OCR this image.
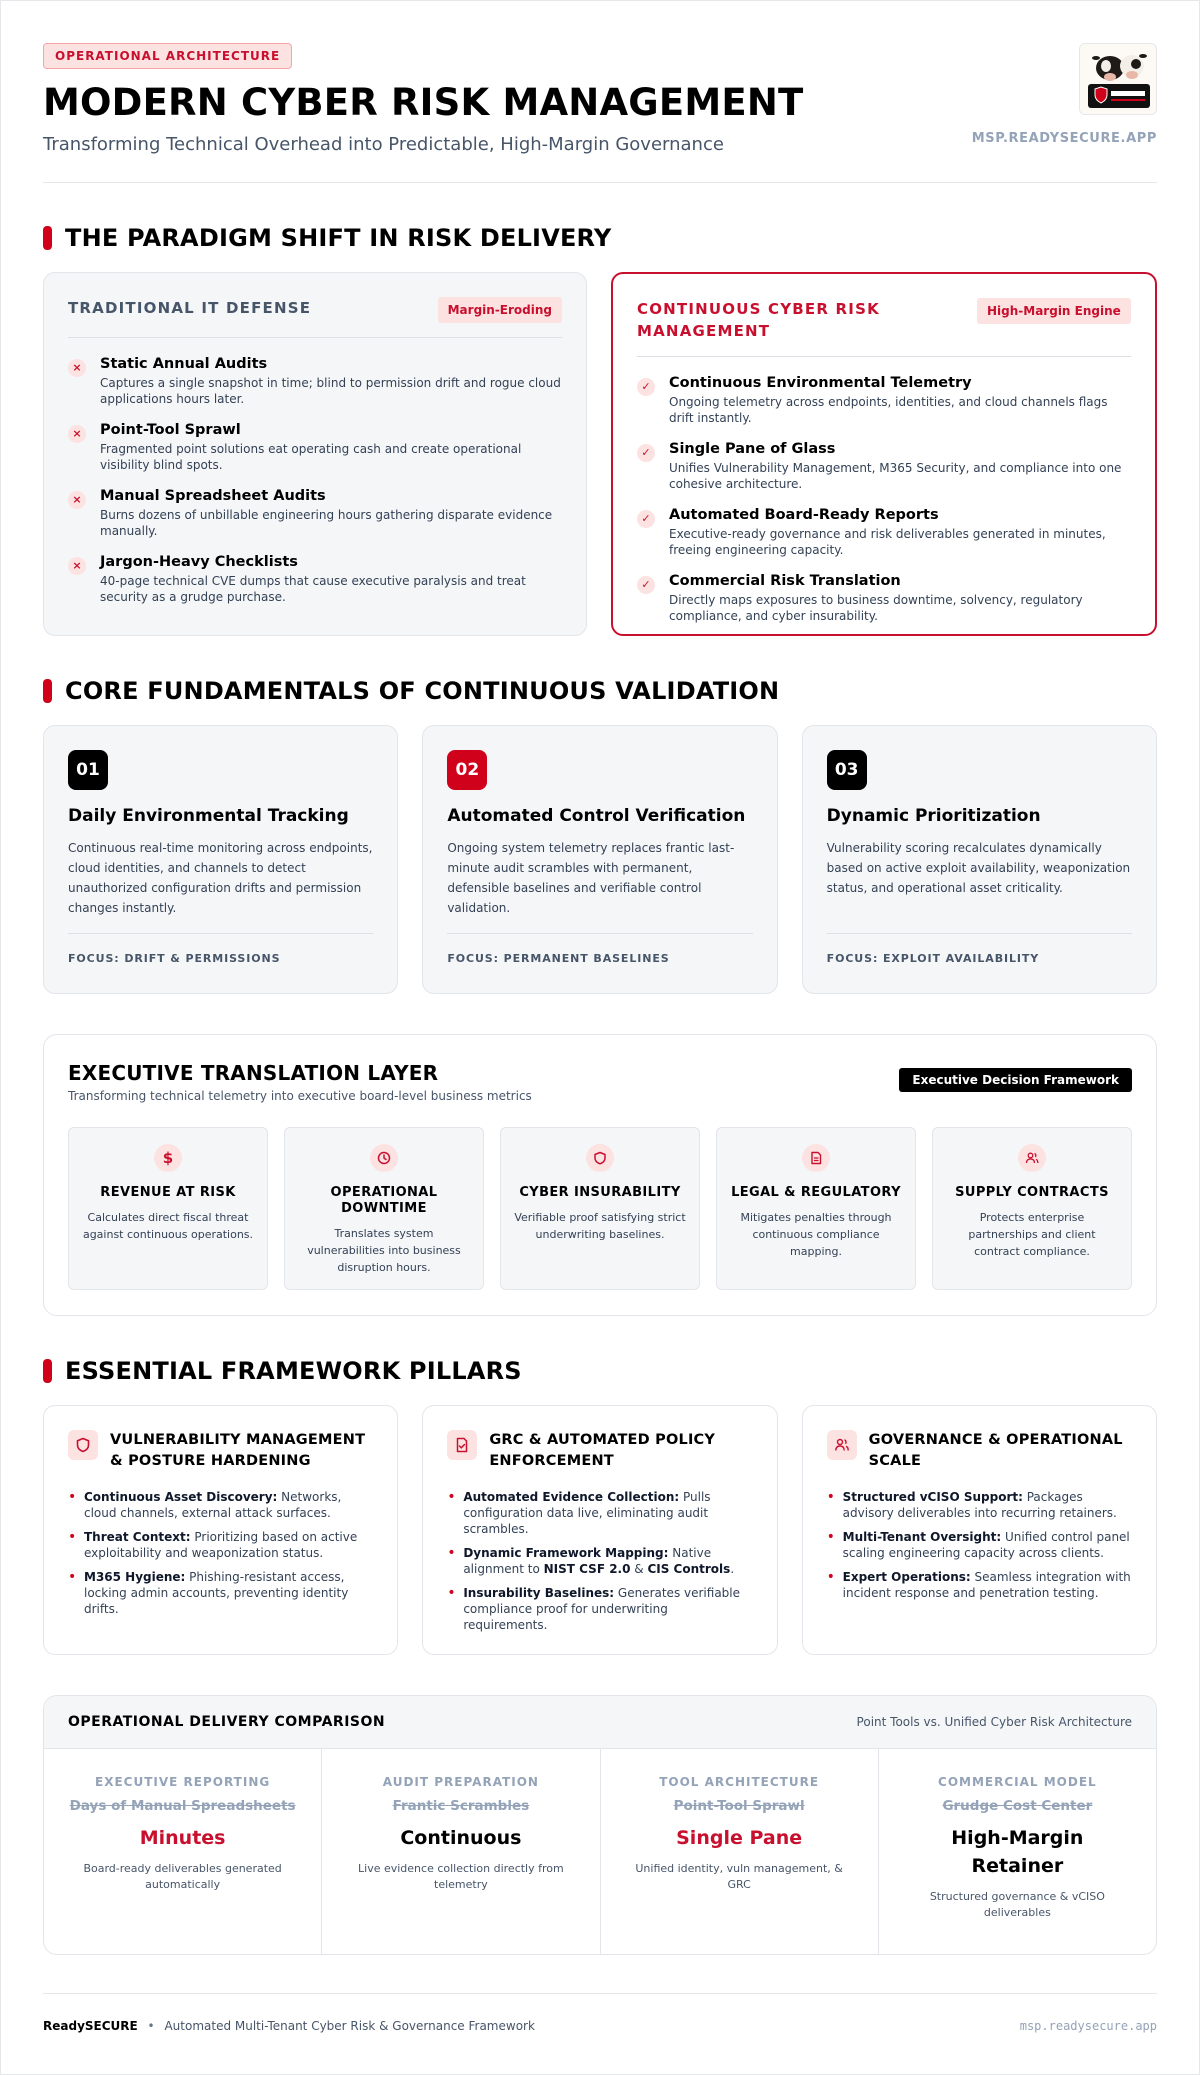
OPERATIONAL ARCHITECTURE
MODERN CYBER RISK MANAGEMENT
Transforming Technical Overhead into Predictable, High-Margin Governance	MSP.READYSECURE.APP
THE PARADIGM SHIFT IN RISK DELIVERY
TRADITIONAL IT DEFENSE	Margin-Eroding
×	Static Annual Audits
Captures a single snapshot in time; blind to permission drift and rogue cloud applications hours later.
×	Point-Tool Sprawl
Fragmented point solutions eat operating cash and create operational visibility blind spots.
×	Manual Spreadsheet Audits
Burns dozens of unbillable engineering hours gathering disparate evidence manually.
×	Jargon-Heavy Checklists
40-page technical CVE dumps that cause executive paralysis and treat security as a grudge purchase.
CONTINUOUS CYBER RISK MANAGEMENT
High-Margin Engine
✓	Continuous Environmental Telemetry
Ongoing telemetry across endpoints, identities, and cloud channels flags drift instantly.
✓	Single Pane of Glass
Unifies Vulnerability Management, M365 Security, and compliance into one cohesive architecture.
✓	Automated Board-Ready Reports
Executive-ready governance and risk deliverables generated in minutes, freeing engineering capacity.
✓	Commercial Risk Translation
Directly maps exposures to business downtime, solvency, regulatory compliance, and cyber insurability.
CORE FUNDAMENTALS OF CONTINUOUS VALIDATION
01
Daily Environmental Tracking
Continuous real-time monitoring across endpoints, cloud identities, and channels to detect unauthorized configuration drifts and permission changes instantly.
FOCUS: DRIFT & PERMISSIONS
02
Automated Control Verification
Ongoing system telemetry replaces frantic last-minute audit scrambles with permanent, defensible baselines and verifiable control validation.
FOCUS: PERMANENT BASELINES
03
Dynamic Prioritization
Vulnerability scoring recalculates dynamically based on active exploit availability, weaponization status, and operational asset criticality.
FOCUS: EXPLOIT AVAILABILITY
EXECUTIVE TRANSLATION LAYER
Transforming technical telemetry into executive board-level business metrics
Executive Decision Framework
$
REVENUE AT RISK
Calculates direct fiscal threat against continuous operations.
OPERATIONAL DOWNTIME
Translates system vulnerabilities into business disruption hours.
CYBER INSURABILITY
Verifiable proof satisfying strict underwriting baselines.
LEGAL & REGULATORY
Mitigates penalties through continuous compliance mapping.
SUPPLY CONTRACTS
Protects enterprise partnerships and client contract compliance.
ESSENTIAL FRAMEWORK PILLARS
VULNERABILITY MANAGEMENT & POSTURE HARDENING
• Continuous Asset Discovery: Networks, cloud channels, external attack surfaces.
• Threat Context: Prioritizing based on active exploitability and weaponization status.
• M365 Hygiene: Phishing-resistant access, locking admin accounts, preventing identity drifts.
GRC & AUTOMATED POLICY ENFORCEMENT
• Automated Evidence Collection: Pulls configuration data live, eliminating audit scrambles.
• Dynamic Framework Mapping: Native alignment to NIST CSF 2.0 & CIS Controls.
• Insurability Baselines: Generates verifiable compliance proof for underwriting requirements.
GOVERNANCE & OPERATIONAL SCALE
• Structured vCISO Support: Packages advisory deliverables into recurring retainers.
• Multi-Tenant Oversight: Unified control panel scaling engineering capacity across clients.
• Expert Operations: Seamless integration with incident response and penetration testing.
OPERATIONAL DELIVERY COMPARISON	Point Tools vs. Unified Cyber Risk Architecture
EXECUTIVE REPORTING
Days of Manual Spreadsheets
Minutes
Board-ready deliverables generated automatically
AUDIT PREPARATION
Frantic Scrambles
Continuous
Live evidence collection directly from telemetry
TOOL ARCHITECTURE
Point-Tool Sprawl
Single Pane
Unified identity, vuln management, & GRC
COMMERCIAL MODEL
Grudge Cost Center
High-Margin Retainer
Structured governance & vCISO deliverables
ReadySECURE • Automated Multi-Tenant Cyber Risk & Governance Framework	msp.readysecure.app
